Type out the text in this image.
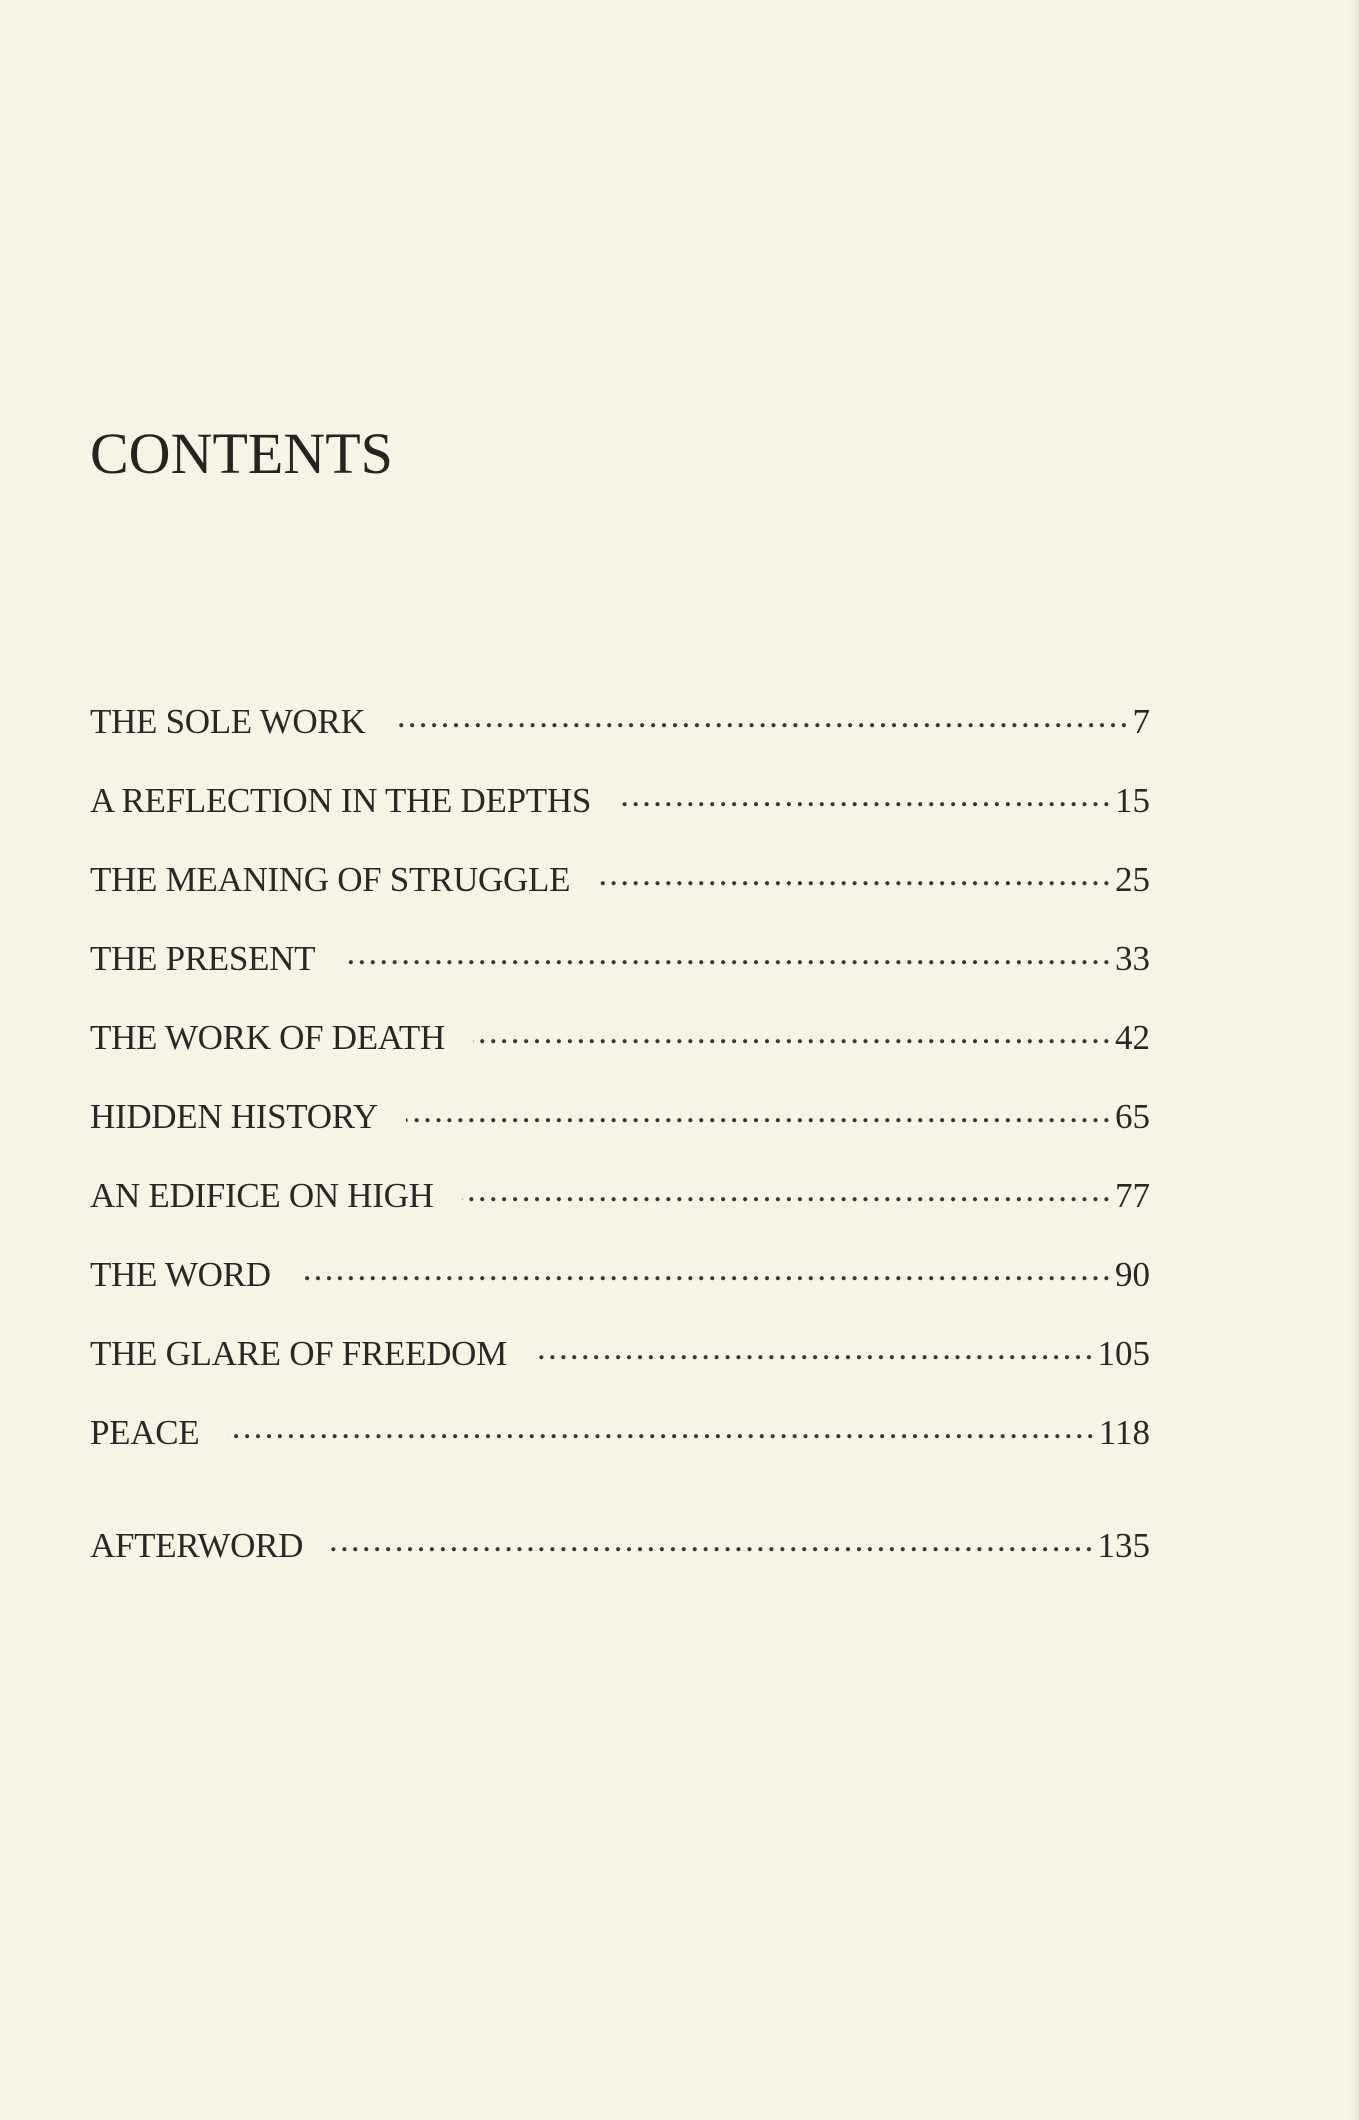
CONTENTS
THE SOLE WORK .....	7
A REFLECTION IN THE DEPTHS .....	15
THE MEANING OF STRUGGLE .....	25
THE PRESENT .....	33
THE WORK OF DEATH .....	42
HIDDEN HISTORY .....	65
AN EDIFICE ON HIGH .....	77
THE WORD .....	90
THE GLARE OF FREEDOM .....	105
PEACE .....	118
AFTERWORD .....	135
